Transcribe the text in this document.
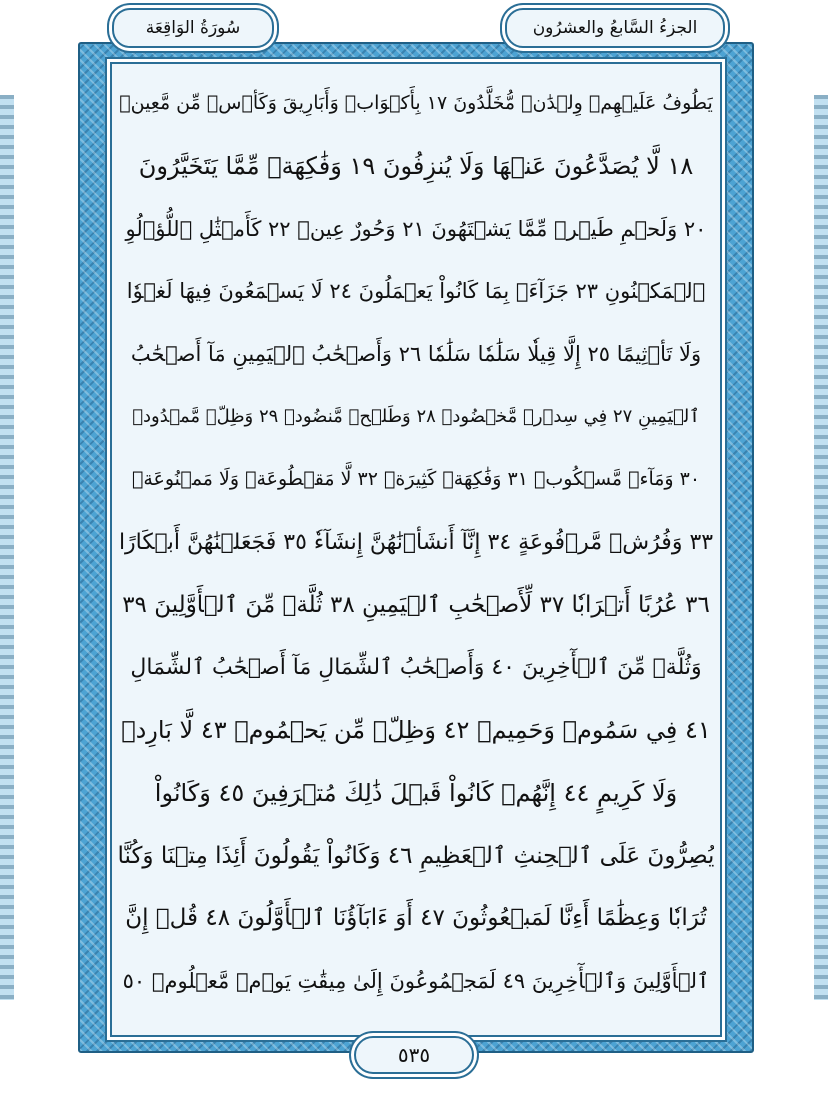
الجزءُ السَّابعُ والعشرُون
سُورَةُ الوَاقِعَة
يَطُوفُ عَلَيۡهِمۡ وِلۡدَٰنٞ مُّخَلَّدُونَ ١٧ بِأَكۡوَابٖ وَأَبَارِيقَ وَكَأۡسٖ مِّن مَّعِينٖ
١٨ لَّا يُصَدَّعُونَ عَنۡهَا وَلَا يُنزِفُونَ ١٩ وَفَٰكِهَةٖ مِّمَّا يَتَخَيَّرُونَ
٢٠ وَلَحۡمِ طَيۡرٖ مِّمَّا يَشۡتَهُونَ ٢١ وَحُورٌ عِينٞ ٢٢ كَأَمۡثَٰلِ ٱللُّؤۡلُوِ
ٱلۡمَكۡنُونِ ٢٣ جَزَآءَۢ بِمَا كَانُواْ يَعۡمَلُونَ ٢٤ لَا يَسۡمَعُونَ فِيهَا لَغۡوٗا
وَلَا تَأۡثِيمًا ٢٥ إِلَّا قِيلٗا سَلَٰمٗا سَلَٰمٗا ٢٦ وَأَصۡحَٰبُ ٱلۡيَمِينِ مَآ أَصۡحَٰبُ
ٱلۡيَمِينِ ٢٧ فِي سِدۡرٖ مَّخۡضُودٖ ٢٨ وَطَلۡحٖ مَّنضُودٖ ٢٩ وَظِلّٖ مَّمۡدُودٖ
٣٠ وَمَآءٖ مَّسۡكُوبٖ ٣١ وَفَٰكِهَةٖ كَثِيرَةٖ ٣٢ لَّا مَقۡطُوعَةٖ وَلَا مَمۡنُوعَةٖ
٣٣ وَفُرُشٖ مَّرۡفُوعَةٍ ٣٤ إِنَّآ أَنشَأۡنَٰهُنَّ إِنشَآءٗ ٣٥ فَجَعَلۡنَٰهُنَّ أَبۡكَارًا
٣٦ عُرُبًا أَتۡرَابٗا ٣٧ لِّأَصۡحَٰبِ ٱلۡيَمِينِ ٣٨ ثُلَّةٞ مِّنَ ٱلۡأَوَّلِينَ ٣٩
وَثُلَّةٞ مِّنَ ٱلۡأٓخِرِينَ ٤٠ وَأَصۡحَٰبُ ٱلشِّمَالِ مَآ أَصۡحَٰبُ ٱلشِّمَالِ
٤١ فِي سَمُومٖ وَحَمِيمٖ ٤٢ وَظِلّٖ مِّن يَحۡمُومٖ ٤٣ لَّا بَارِدٖ
وَلَا كَرِيمٍ ٤٤ إِنَّهُمۡ كَانُواْ قَبۡلَ ذَٰلِكَ مُتۡرَفِينَ ٤٥ وَكَانُواْ
يُصِرُّونَ عَلَى ٱلۡحِنثِ ٱلۡعَظِيمِ ٤٦ وَكَانُواْ يَقُولُونَ أَئِذَا مِتۡنَا وَكُنَّا
تُرَابٗا وَعِظَٰمًا أَءِنَّا لَمَبۡعُوثُونَ ٤٧ أَوَ ءَابَآؤُنَا ٱلۡأَوَّلُونَ ٤٨ قُلۡ إِنَّ
ٱلۡأَوَّلِينَ وَٱلۡأٓخِرِينَ ٤٩ لَمَجۡمُوعُونَ إِلَىٰ مِيقَٰتِ يَوۡمٖ مَّعۡلُومٖ ٥٠
٥٣٥
